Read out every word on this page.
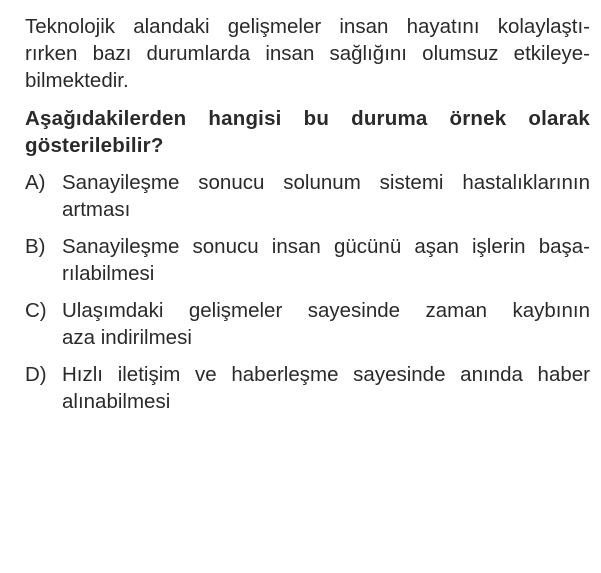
Teknolojik alandaki gelişmeler insan hayatını kolaylaştı-
rırken bazı durumlarda insan sağlığını olumsuz etkileye-
bilmektedir.
Aşağıdakilerden hangisi bu duruma örnek olarak
gösterilebilir?
A) Sanayileşme sonucu solunum sistemi hastalıklarının
artması
B) Sanayileşme sonucu insan gücünü aşan işlerin başa-
rılabilmesi
C) Ulaşımdaki gelişmeler sayesinde zaman kaybının
aza indirilmesi
D) Hızlı iletişim ve haberleşme sayesinde anında haber
alınabilmesi
